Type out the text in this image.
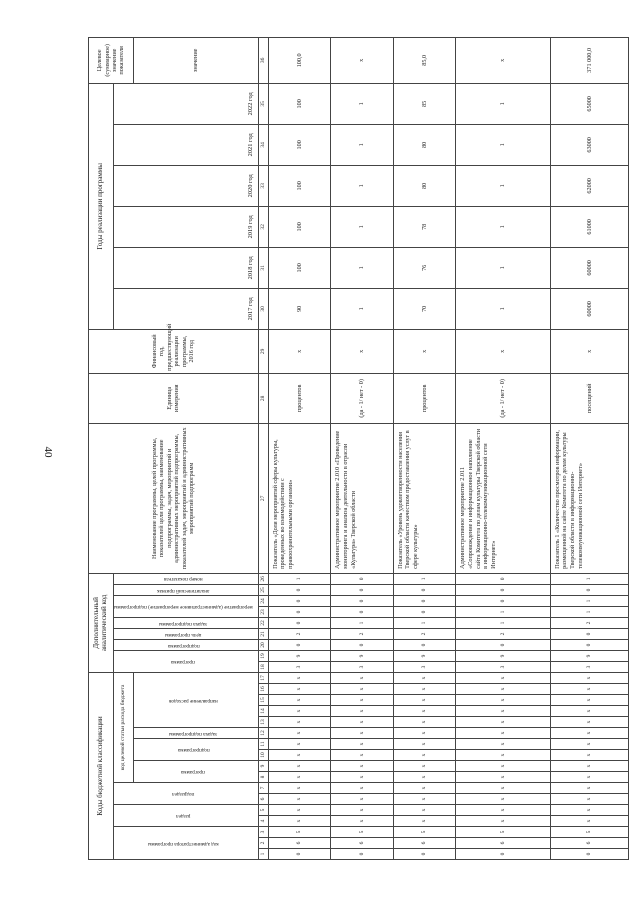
40
Коды бюджетной классификации																	Дополнительный аналитический код									Наименование программы, целей программы, показателей цели программы, наименование подпрограммы, задач, мероприятий и административных мероприятий подпрограммы, показателей задач, мероприятий и административных мероприятий подпрограмм	Единица измерения	Финансовый год, предшествующий реализации программы, 2016 год	Годы реализации программы						Целевое (суммарное) значение показателя	
код администратора программы			раздел		подраздел		код целевой статьи расхода бюджета										программа		подпрограмма	цель программы	задача подпрограммы	мероприятие (административное мероприятие) подпрограммы		аналитический признак	номер показателя				2017 год	2018 год	2019 год	2020 год	2021 год	2022 год		
							программа		подпрограмма		задача подпрограммы	направление расходов																							значение	
1	2	3	4	5	6	7	8	9	10	11	12	13	14	15	16	17	18	19	20	21	22	23	24	25	26	27	28	29	30	31	32	33	34	35	36	
0	6	5	x	x	x	x	x	x	x	x	x	x	x	x	x	x	3	9	0	2	0	0	0	0	1	Показатель «Доля мероприятий сферы культуры, проведенных во взаимодействии с правоохранительными органами»	процентов	x	90	100	100	100	100	100	100,0	
0	6	5	x	x	x	x	x	x	x	x	x	x	x	x	x	x	3	9	0	2	1	0	0	0	0	Административное мероприятие 2.010 «Проведение мониторинга и анализа деятельности в отрасли «Культура» Тверской области	(да - 1/ нет - 0)	x	1	1	1	1	1	1	x	
0	6	5	x	x	x	x	x	x	x	x	x	x	x	x	x	x	3	9	0	2	1	0	0	0	1	Показатель «Уровень удовлетворенности населения Тверской области качеством предоставления услуг в сфере культуры»	процентов	x	70	76	78	80	80	85	85,0	
0	6	5	x	x	x	x	x	x	x	x	x	x	x	x	x	x	3	9	0	2	1	1	0	0	0	Административное мероприятие 2.011 «Сопровождение и информационное наполнение сайта Комитета по делам культуры Тверской области в информационно-телекоммуникационной сети Интернет»	(да - 1/ нет - 0)	x	1	1	1	1	1	1	x	
0	6	5	x	x	x	x	x	x	x	x	x	x	x	x	x	x	3	9	0	0	2	1	1	0	1	Показатель 1 «Количество просмотров информации, размещенной на сайте Комитета по делам культуры Тверской области в информационно-телекоммуникационной сети Интернет»	посещений	x	60000	60000	61000	62000	63000	65000	371 000,0	
